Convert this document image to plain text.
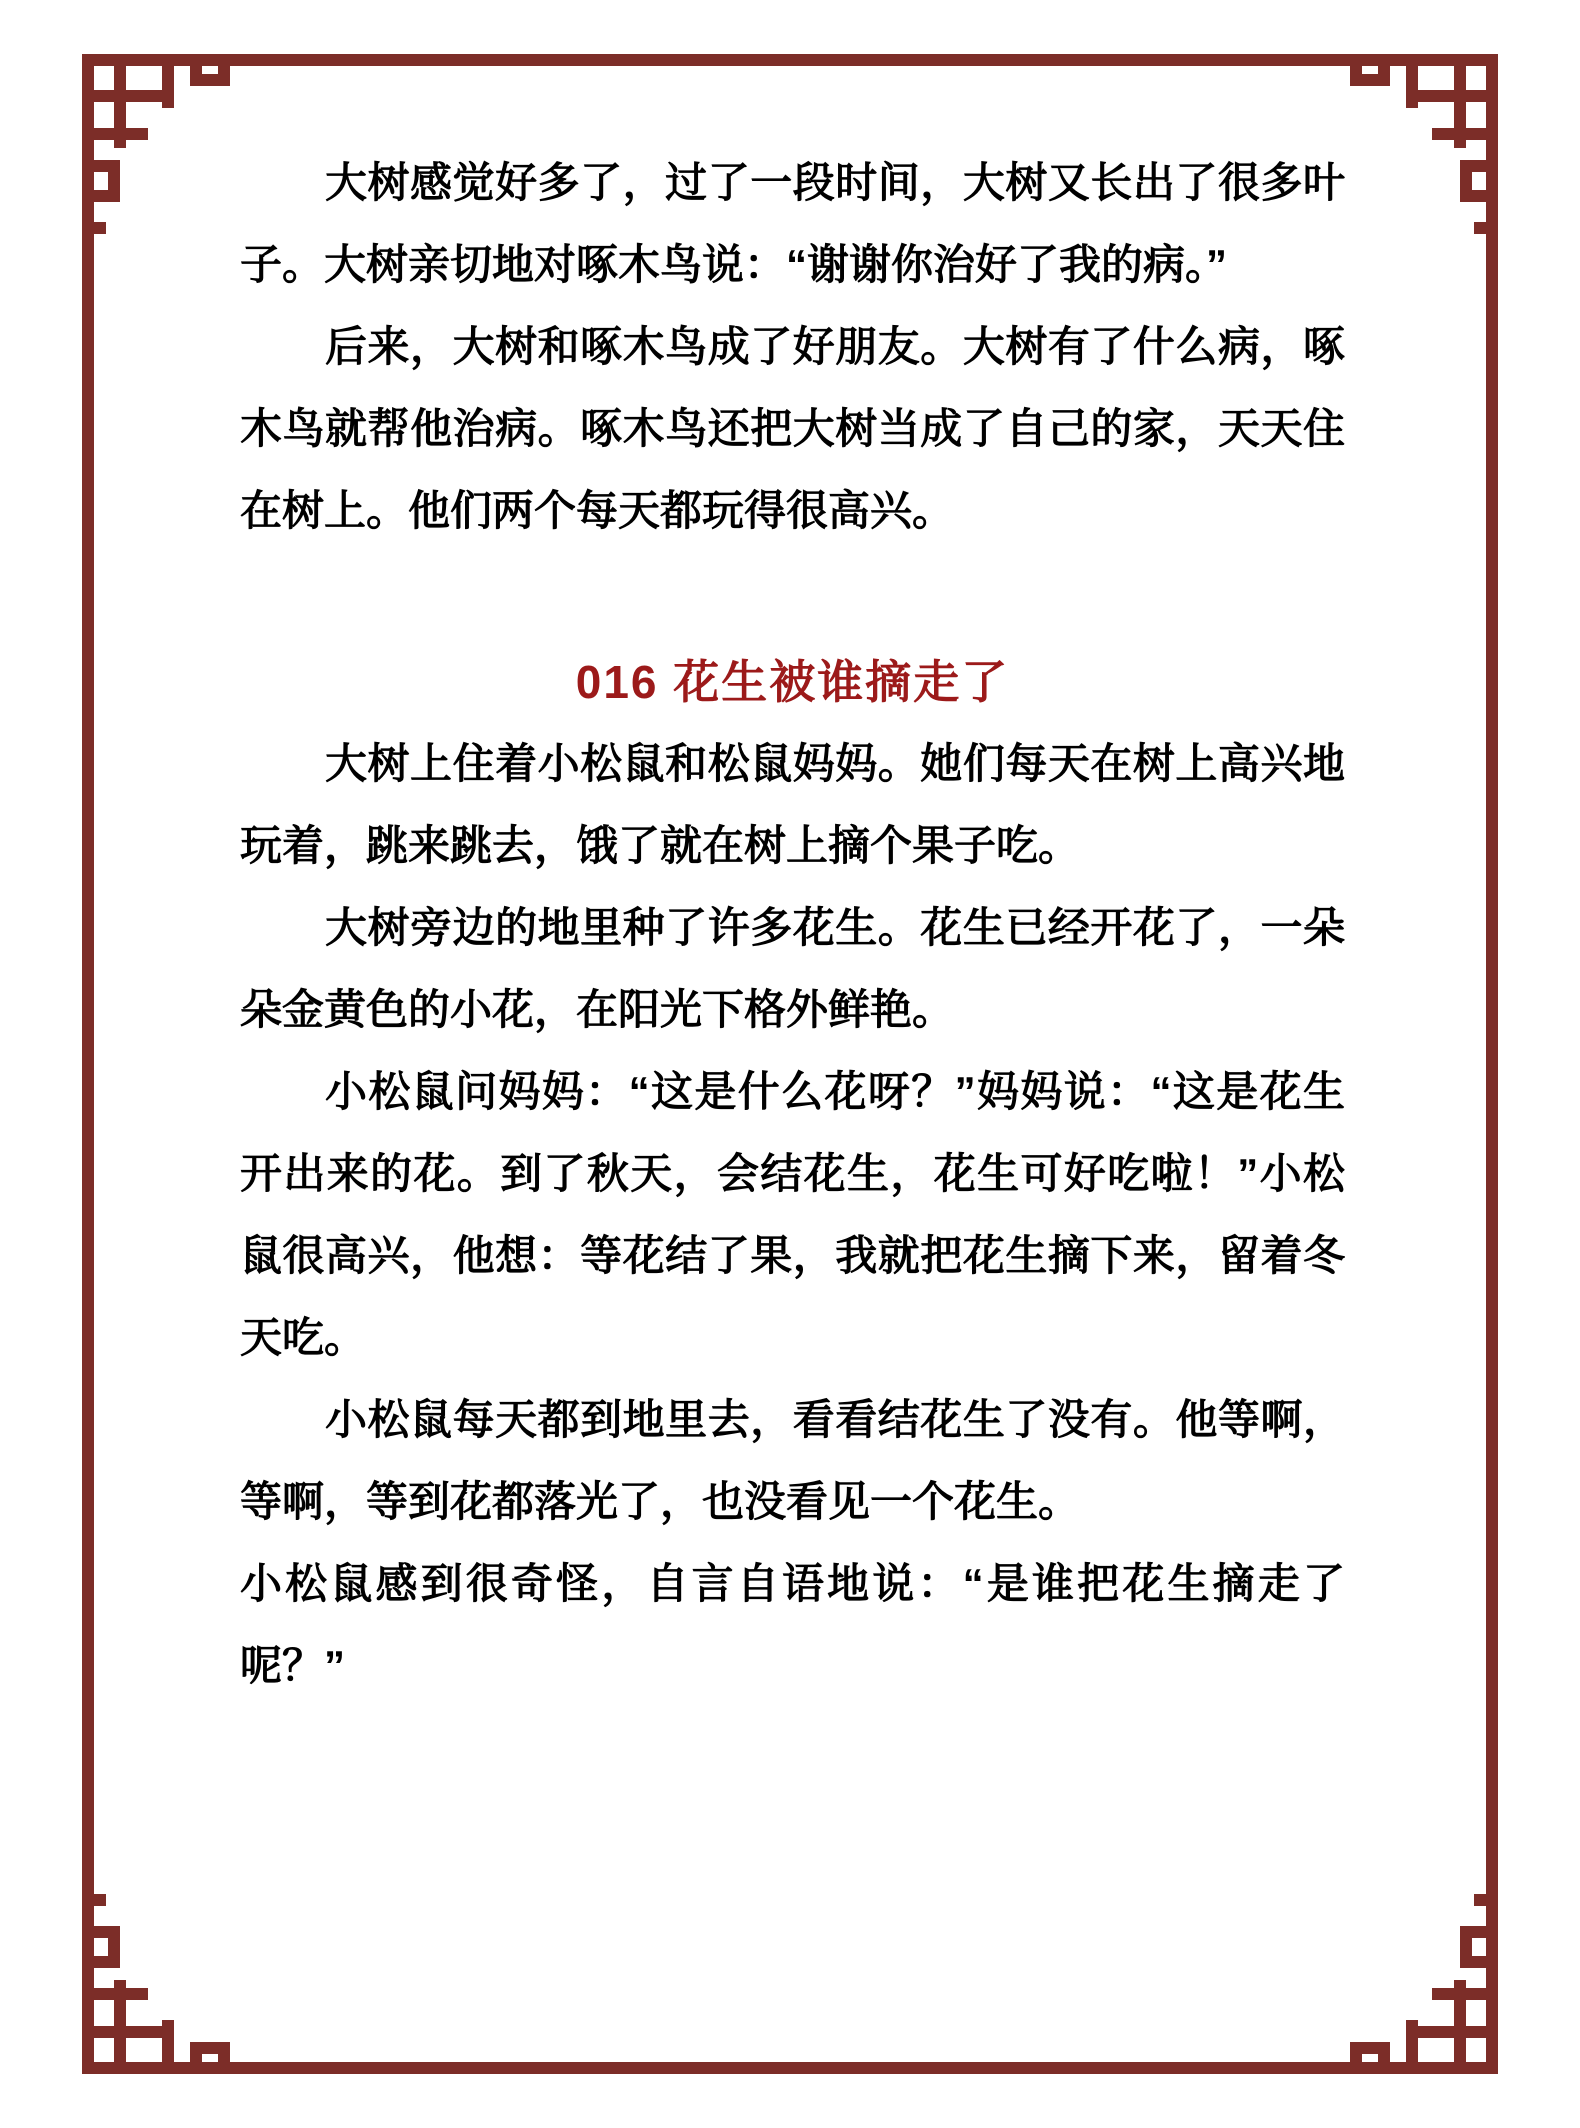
大树感觉好多了，过了一段时间，大树又长出了很多叶
子。大树亲切地对啄木鸟说：“谢谢你治好了我的病。”
后来，大树和啄木鸟成了好朋友。大树有了什么病，啄
木鸟就帮他治病。啄木鸟还把大树当成了自己的家，天天住
在树上。他们两个每天都玩得很高兴。
016 花生被谁摘走了
大树上住着小松鼠和松鼠妈妈。她们每天在树上高兴地
玩着，跳来跳去，饿了就在树上摘个果子吃。
大树旁边的地里种了许多花生。花生已经开花了，一朵
朵金黄色的小花，在阳光下格外鲜艳。
小松鼠问妈妈：“这是什么花呀？”妈妈说：“这是花生
开出来的花。到了秋天，会结花生，花生可好吃啦！”小松
鼠很高兴，他想：等花结了果，我就把花生摘下来，留着冬
天吃。
小松鼠每天都到地里去，看看结花生了没有。他等啊，
等啊，等到花都落光了，也没看见一个花生。
小松鼠感到很奇怪，自言自语地说：“是谁把花生摘走了
呢？”
